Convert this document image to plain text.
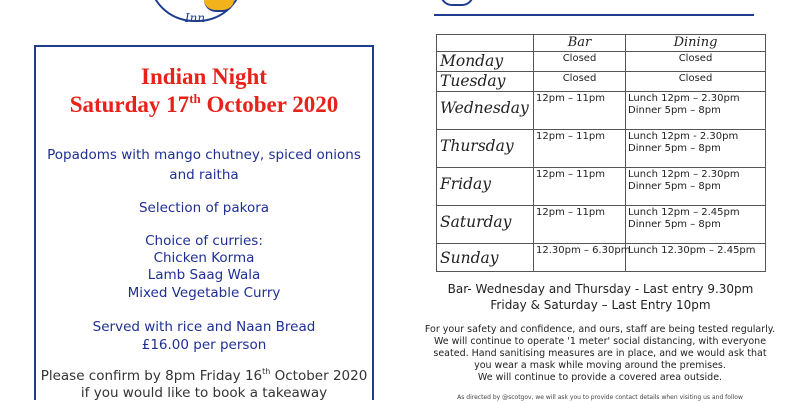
Inn
Indian Night
Saturday 17th October 2020
Popadoms with mango chutney, spiced onions
and raitha
Selection of pakora
Choice of curries:
Chicken Korma
Lamb Saag Wala
Mixed Vegetable Curry
Served with rice and Naan Bread
£16.00 per person
Please confirm by 8pm Friday 16th October 2020
if you would like to book a takeaway
	Bar	Dining
Monday	Closed	Closed

Tuesday	Closed	Closed

Wednesday	12pm – 11pm	Lunch 12pm – 2.30pm
Dinner 5pm – 8pm

Thursday	12pm – 11pm	Lunch 12pm - 2.30pm
Dinner 5pm – 8pm

Friday	12pm – 11pm	Lunch 12pm – 2.30pm
Dinner 5pm – 8pm

Saturday	12pm – 11pm	Lunch 12pm – 2.45pm
Dinner 5pm – 8pm

Sunday	12.30pm – 6.30pm	Lunch 12.30pm – 2.45pm
Bar- Wednesday and Thursday - Last entry 9.30pm
Friday & Saturday – Last Entry 10pm
For your safety and confidence, and ours, staff are being tested regularly.
We will continue to operate '1 meter' social distancing, with everyone
seated. Hand sanitising measures are in place, and we would ask that
you wear a mask while moving around the premises.
We will continue to provide a covered area outside.
As directed by @scotgov, we will ask you to provide contact details when visiting us and follow
